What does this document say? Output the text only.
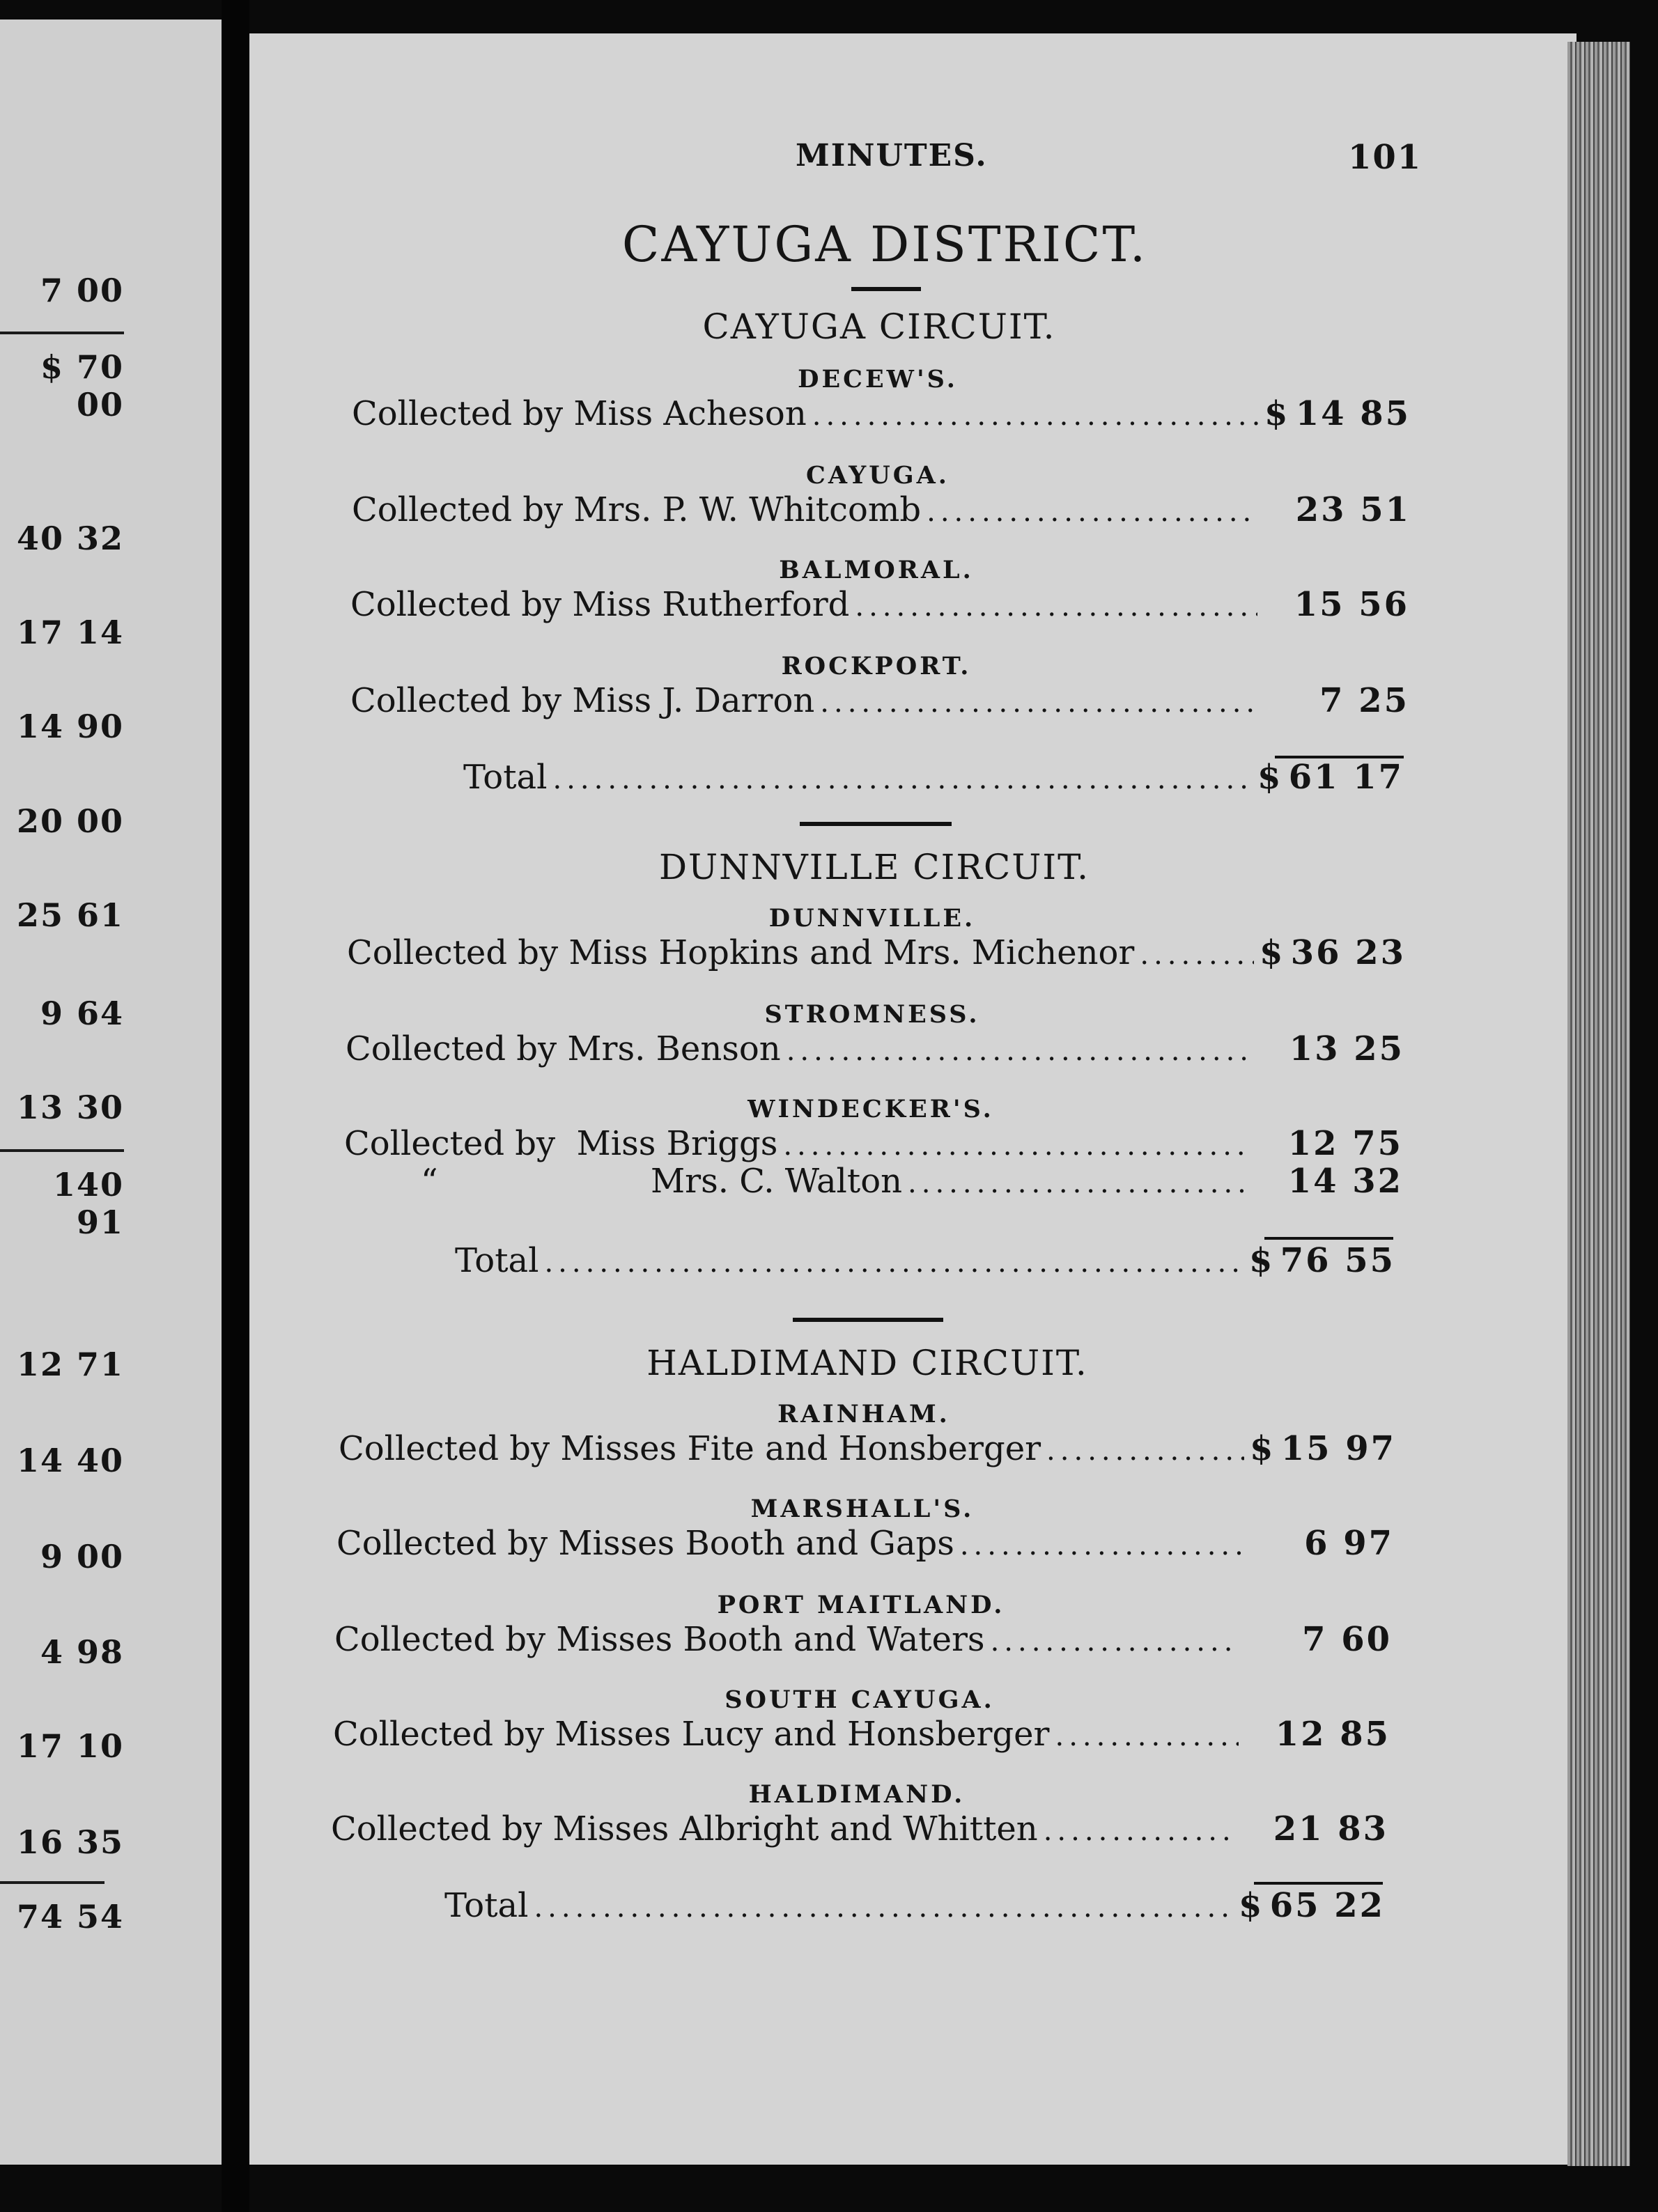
7 00
$ 70 00
40 32
17 14
14 90
20 00
25 61
9 64
13 30
140 91
12 71
14 40
9 00
4 98
17 10
16 35
74 54
MINUTES.	101
CAYUGA DISTRICT.
CAYUGA CIRCUIT.
DECEW'S.
Collected by Miss Acheson .....	$ 14 85
CAYUGA.
Collected by Mrs. P. W. Whitcomb .....	23 51
BALMORAL.
Collected by Miss Rutherford .....	15 56
ROCKPORT.
Collected by Miss J. Darron .....	7 25
Total .....	$ 61 17
DUNNVILLE CIRCUIT.
DUNNVILLE.
Collected by Miss Hopkins and Mrs. Michenor .....	$ 36 23
STROMNESS.
Collected by Mrs. Benson .....	13 25
WINDECKER'S.
Collected by  Miss Briggs .....	12 75
“	Mrs. C. Walton .....	14 32
Total .....	$ 76 55
HALDIMAND CIRCUIT.
RAINHAM.
Collected by Misses Fite and Honsberger .....	$ 15 97
MARSHALL'S.
Collected by Misses Booth and Gaps .....	6 97
PORT MAITLAND.
Collected by Misses Booth and Waters .....	7 60
SOUTH CAYUGA.
Collected by Misses Lucy and Honsberger .....	12 85
HALDIMAND.
Collected by Misses Albright and Whitten .....	21 83
Total .....	$ 65 22
